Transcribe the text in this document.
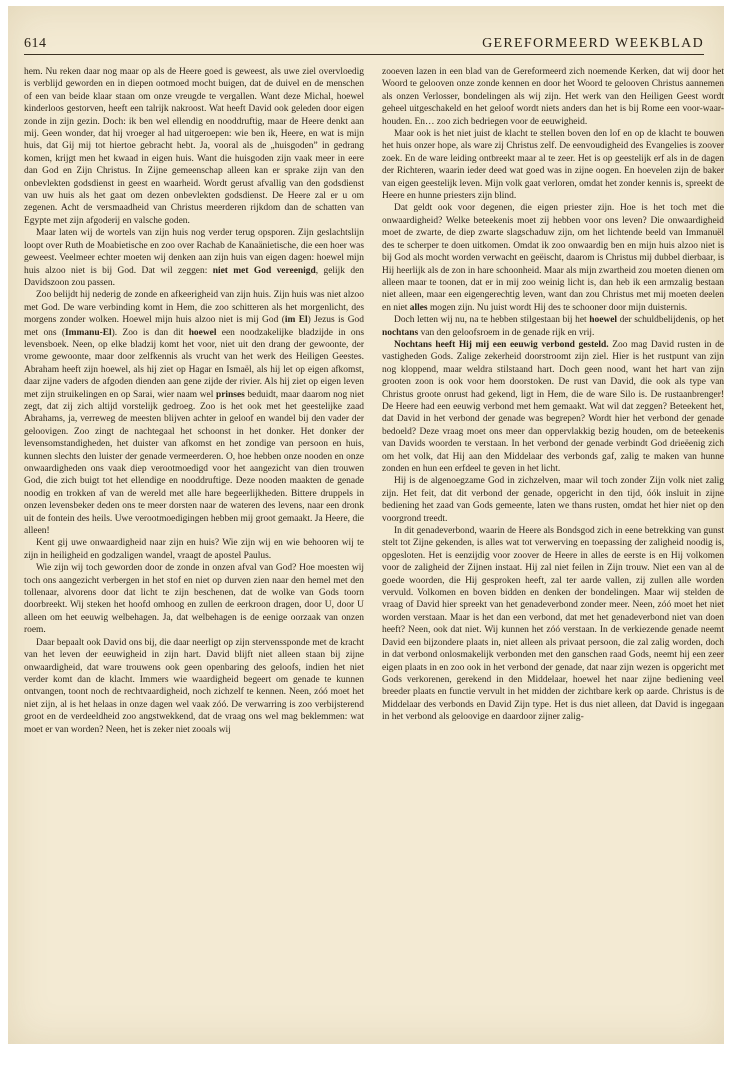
614	GEREFORMEERD WEEKBLAD

hem. Nu reken daar nog maar op als de Heere goed is geweest, als uwe ziel overvloedig is verblijd geworden en in diepen ootmoed mocht buigen, dat de duivel en de menschen of een van beide klaar staan om onze vreugde te vergallen. Want deze Michal, hoewel kinderloos gestorven, heeft een talrijk nakroost. Wat heeft David ook geleden door eigen zonde in zijn gezin. Doch: ik ben wel ellendig en nooddruftig, maar de Heere denkt aan mij. Geen wonder, dat hij vroeger al had uitgeroepen: wie ben ik, Heere, en wat is mijn huis, dat Gij mij tot hiertoe gebracht hebt. Ja, vooral als de „huisgoden” in gedrang komen, krijgt men het kwaad in eigen huis. Want die huisgoden zijn vaak meer in eere dan God en Zijn Christus. In Zijne gemeenschap alleen kan er sprake zijn van den onbevlekten godsdienst in geest en waarheid. Wordt gerust afvallig van den godsdienst van uw huis als het gaat om dezen onbevlekten godsdienst. De Heere zal er u om zegenen. Acht de versmaadheid van Christus meerderen rijkdom dan de schatten van Egypte met zijn afgoderij en valsche goden.

Maar laten wij de wortels van zijn huis nog verder terug opsporen. Zijn geslachtslijn loopt over Ruth de Moabietische en zoo over Rachab de Kanaänietische, die een hoer was geweest. Veelmeer echter moeten wij denken aan zijn huis van eigen dagen: hoewel mijn huis alzoo niet is bij God. Dat wil zeggen: niet met God vereenigd, gelijk den Davidszoon zou passen.

Zoo belijdt hij nederig de zonde en afkeerigheid van zijn huis. Zijn huis was niet alzoo met God. De ware verbinding komt in Hem, die zoo schitteren als het morgenlicht, des morgens zonder wolken. Hoewel mijn huis alzoo niet is mij God (im El) Jezus is God met ons (Immanu-El). Zoo is dan dit hoewel een noodzakelijke bladzijde in ons levensboek. Neen, op elke bladzij komt het voor, niet uit den drang der gewoonte, der vrome gewoonte, maar door zelfkennis als vrucht van het werk des Heiligen Geestes. Abraham heeft zijn hoewel, als hij ziet op Hagar en Ismaël, als hij let op eigen afkomst, daar zijne vaders de afgoden dienden aan gene zijde der rivier. Als hij ziet op eigen leven met zijn struikelingen en op Sarai, wier naam wel prinses beduidt, maar daarom nog niet zegt, dat zij zich altijd vorstelijk gedroeg. Zoo is het ook met het geestelijke zaad Abrahams, ja, verreweg de meesten blijven achter in geloof en wandel bij den vader der geloovigen. Zoo zingt de nachtegaal het schoonst in het donker. Het donker der levensomstandigheden, het duister van afkomst en het zondige van persoon en huis, kunnen slechts den luister der genade vermeerderen. O, hoe hebben onze nooden en onze onwaardigheden ons vaak diep verootmoedigd voor het aangezicht van dien trouwen God, die zich buigt tot het ellendige en nooddruftige. Deze nooden maakten de genade noodig en trokken af van de wereld met alle hare begeerlijkheden. Bittere druppels in onzen levensbeker deden ons te meer dorsten naar de wateren des levens, naar een dronk uit de fontein des heils. Uwe verootmoedigingen hebben mij groot gemaakt. Ja Heere, die alleen!

Kent gij uwe onwaardigheid naar zijn en huis? Wie zijn wij en wie behooren wij te zijn in heiligheid en godzaligen wandel, vraagt de apostel Paulus.

Wie zijn wij toch geworden door de zonde in onzen afval van God? Hoe moesten wij toch ons aangezicht verbergen in het stof en niet op durven zien naar den hemel met den tollenaar, alvorens door dat licht te zijn beschenen, dat de wolke van Gods toorn doorbreekt. Wij steken het hoofd omhoog en zullen de eerkroon dragen, door U, door U alleen om het eeuwig welbehagen. Ja, dat welbehagen is de eenige oorzaak van onzen roem.

Daar bepaalt ook David ons bij, die daar neerligt op zijn stervenssponde met de kracht van het leven der eeuwigheid in zijn hart. David blijft niet alleen staan bij zijne onwaardigheid, dat ware trouwens ook geen openbaring des geloofs, indien het niet verder komt dan de klacht. Immers wie waardigheid begeert om genade te kunnen ontvangen, toont noch de rechtvaardigheid, noch zichzelf te kennen. Neen, zóó moet het niet zijn, al is het helaas in onze dagen wel vaak zóó. De verwarring is zoo verbijsterend groot en de verdeeldheid zoo angstwekkend, dat de vraag ons wel mag beklemmen: wat moet er van worden? Neen, het is zeker niet zooals wij

zooeven lazen in een blad van de Gereformeerd zich noemende Kerken, dat wij door het Woord te gelooven onze zonde kennen en door het Woord te gelooven Christus aannemen als onzen Verlosser, bondelingen als wij zijn. Het werk van den Heiligen Geest wordt geheel uitgeschakeld en het geloof wordt niets anders dan het is bij Rome een voor-waar-houden. En… zoo zich bedriegen voor de eeuwigheid.

Maar ook is het niet juist de klacht te stellen boven den lof en op de klacht te bouwen het huis onzer hope, als ware zij Christus zelf. De eenvoudigheid des Evangelies is zoover zoek. En de ware leiding ontbreekt maar al te zeer. Het is op geestelijk erf als in de dagen der Richteren, waarin ieder deed wat goed was in zijne oogen. En hoevelen zijn de baker van eigen geestelijk leven. Mijn volk gaat verloren, omdat het zonder kennis is, spreekt de Heere en hunne priesters zijn blind.

Dat geldt ook voor degenen, die eigen priester zijn. Hoe is het toch met die onwaardigheid? Welke beteekenis moet zij hebben voor ons leven? Die onwaardigheid moet de zwarte, de diep zwarte slagschaduw zijn, om het lichtende beeld van Immanuël des te scherper te doen uitkomen. Omdat ik zoo onwaardig ben en mijn huis alzoo niet is bij God als mocht worden verwacht en geëischt, daarom is Christus mij dubbel dierbaar, is Hij heerlijk als de zon in hare schoonheid. Maar als mijn zwartheid zou moeten dienen om alleen maar te toonen, dat er in mij zoo weinig licht is, dan heb ik een armzalig bestaan niet alleen, maar een eigengerechtig leven, want dan zou Christus met mij moeten deelen en niet alles mogen zijn. Nu juist wordt Hij des te schooner door mijn duisternis.

Doch letten wij nu, na te hebben stilgestaan bij het hoewel der schuldbelijdenis, op het nochtans van den geloofsroem in de genade rijk en vrij.

Nochtans heeft Hij mij een eeuwig verbond gesteld. Zoo mag David rusten in de vastigheden Gods. Zalige zekerheid doorstroomt zijn ziel. Hier is het rustpunt van zijn nog kloppend, maar weldra stilstaand hart. Doch geen nood, want het hart van zijn grooten zoon is ook voor hem doorstoken. De rust van David, die ook als type van Christus groote onrust had gekend, ligt in Hem, die de ware Silo is. De rustaanbrenger! De Heere had een eeuwig verbond met hem gemaakt. Wat wil dat zeggen? Beteekent het, dat David in het verbond der genade was begrepen? Wordt hier het verbond der genade bedoeld? Deze vraag moet ons meer dan oppervlakkig bezig houden, om de beteekenis van Davids woorden te verstaan. In het verbond der genade verbindt God drieëenig zich om het volk, dat Hij aan den Middelaar des verbonds gaf, zalig te maken van hunne zonden en hun een erfdeel te geven in het licht.

Hij is de algenoegzame God in zichzelven, maar wil toch zonder Zijn volk niet zalig zijn. Het feit, dat dit verbond der genade, opgericht in den tijd, óók insluit in zijne bediening het zaad van Gods gemeente, laten we thans rusten, omdat het hier niet op den voorgrond treedt.

In dit genadeverbond, waarin de Heere als Bondsgod zich in eene betrekking van gunst stelt tot Zijne gekenden, is alles wat tot verwerving en toepassing der zaligheid noodig is, opgesloten. Het is eenzijdig voor zoover de Heere in alles de eerste is en Hij volkomen voor de zaligheid der Zijnen instaat. Hij zal niet feilen in Zijn trouw. Niet een van al de goede woorden, die Hij gesproken heeft, zal ter aarde vallen, zij zullen alle worden vervuld. Volkomen en boven bidden en denken der bondelingen. Maar wij stelden de vraag of David hier spreekt van het genadeverbond zonder meer. Neen, zóó moet het niet worden verstaan. Maar is het dan een verbond, dat met het genadeverbond niet van doen heeft? Neen, ook dat niet. Wij kunnen het zóó verstaan. In de verkiezende genade neemt David een bijzondere plaats in, niet alleen als privaat persoon, die zal zalig worden, doch in dat verbond onlosmakelijk verbonden met den ganschen raad Gods, neemt hij een zeer eigen plaats in en zoo ook in het verbond der genade, dat naar zijn wezen is opgericht met Gods verkorenen, gerekend in den Middelaar, hoewel het naar zijne bediening veel breeder plaats en functie vervult in het midden der zichtbare kerk op aarde. Christus is de Middelaar des verbonds en David Zijn type. Het is dus niet alleen, dat David is ingegaan in het verbond als geloovige en daardoor zijner zalig-
